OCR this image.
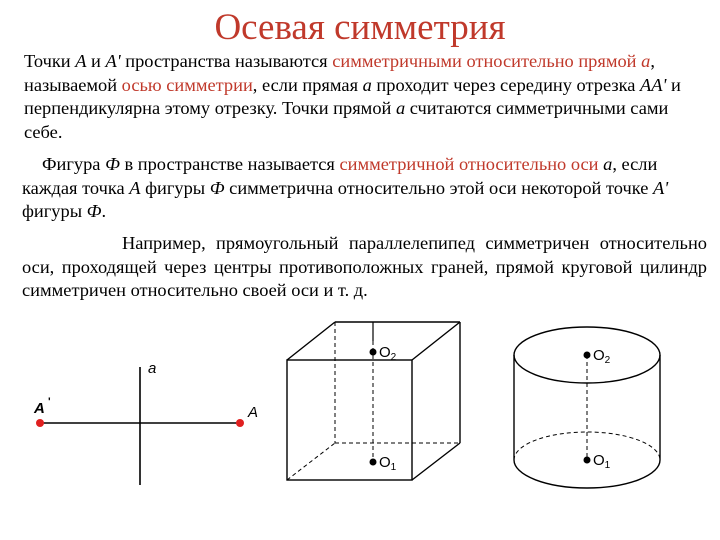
Осевая симметрия
Точки А и А' пространства называются симметричными относительно прямой а, называемой осью симметрии, если прямая а проходит через середину отрезка АА' и перпендикулярна этому отрезку. Точки прямой а считаются симметричными сами себе.
Фигура Ф в пространстве называется симметричной относительно оси а, если каждая точка А фигуры Ф симметрична относительно этой оси некоторой точке А' фигуры Ф.
Например, прямоугольный параллелепипед симметричен относительно оси, проходящей через центры противоположных граней, прямой круговой цилиндр симметричен относительно своей оси и т. д.
a
A '
A
$O_2$
$O_1$
$O_2$
$O_1$
